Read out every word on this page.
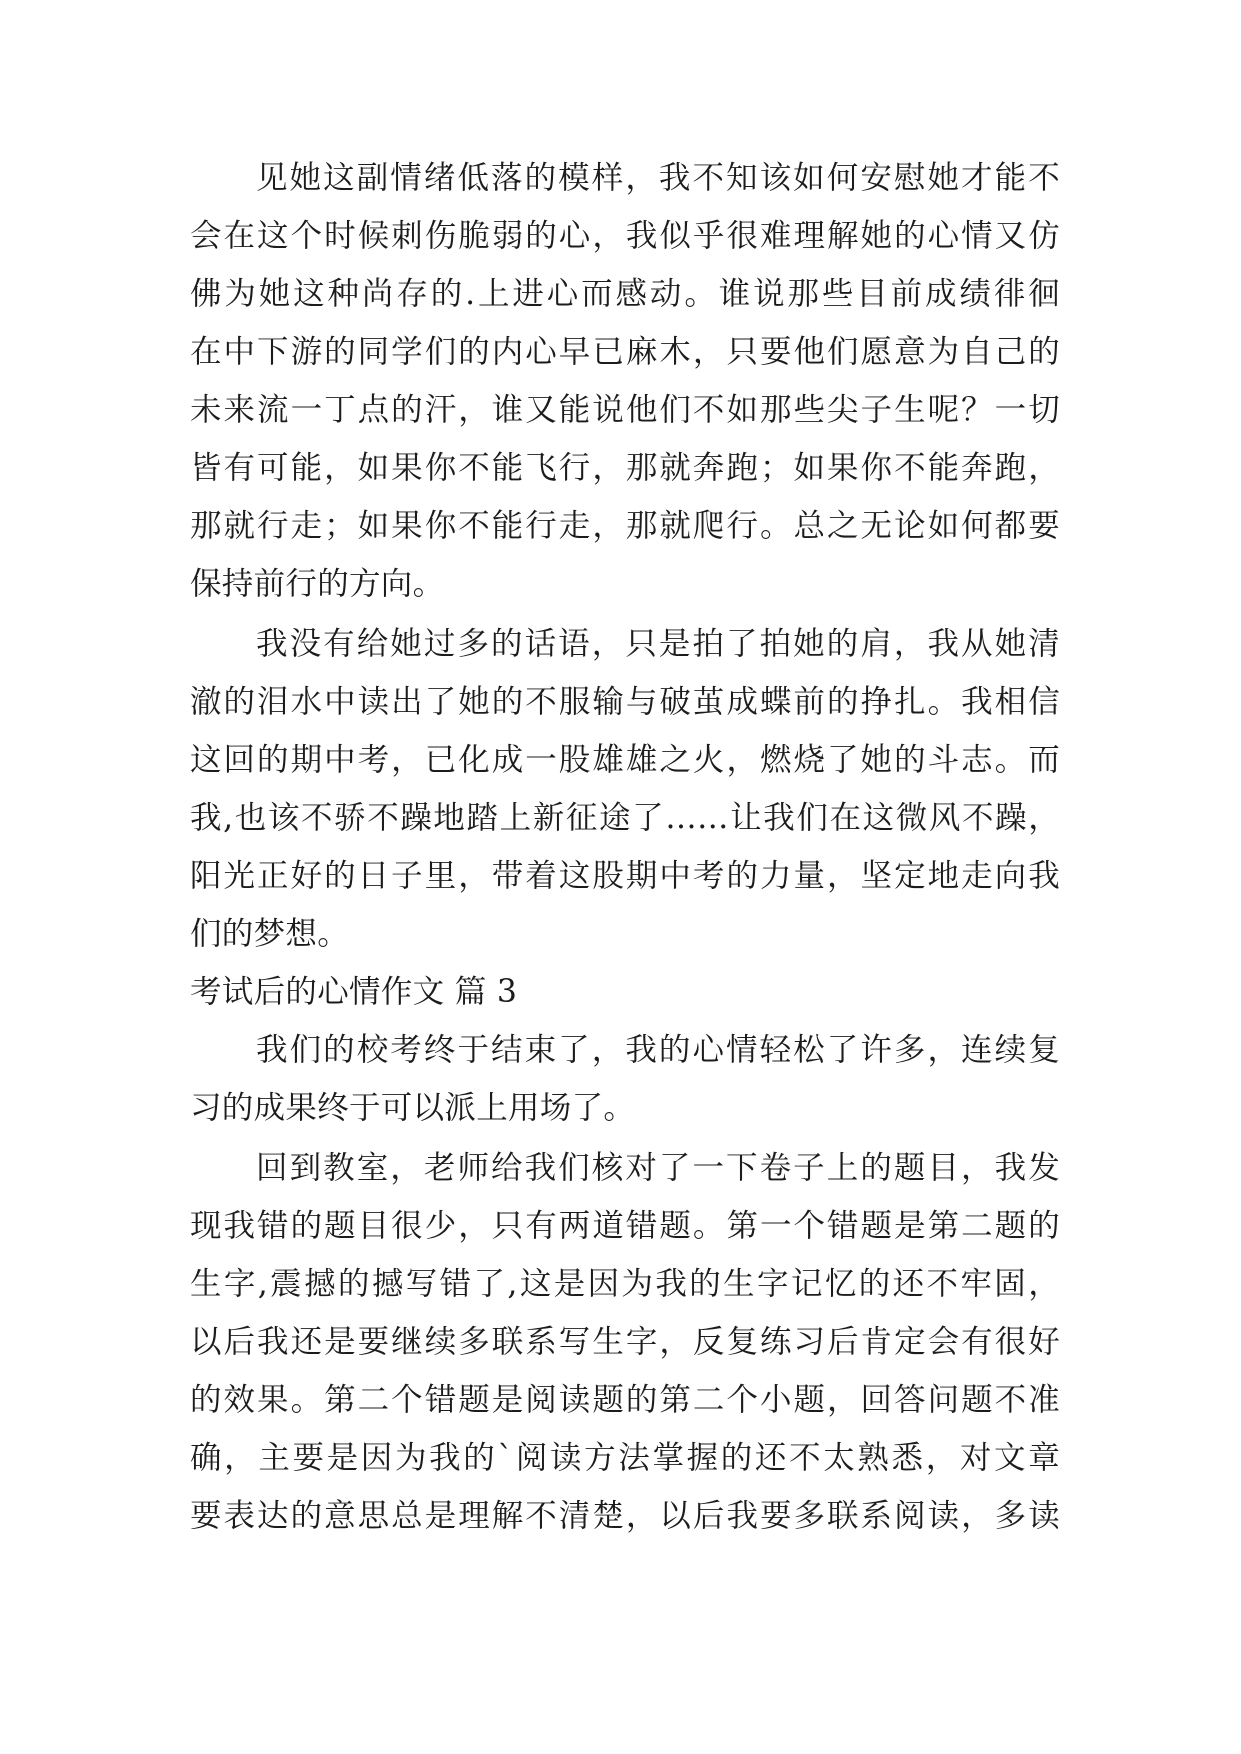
见她这副情绪低落的模样，我不知该如何安慰她才能不
会在这个时候刺伤脆弱的心，我似乎很难理解她的心情又仿
佛为她这种尚存的.上进心而感动。谁说那些目前成绩徘徊
在中下游的同学们的内心早已麻木，只要他们愿意为自己的
未来流一丁点的汗，谁又能说他们不如那些尖子生呢？一切
皆有可能，如果你不能飞行，那就奔跑；如果你不能奔跑，
那就行走；如果你不能行走，那就爬行。总之无论如何都要
保持前行的方向。
我没有给她过多的话语，只是拍了拍她的肩，我从她清
澈的泪水中读出了她的不服输与破茧成蝶前的挣扎。我相信
这回的期中考，已化成一股雄雄之火，燃烧了她的斗志。而
我,也该不骄不躁地踏上新征途了……让我们在这微风不躁，
阳光正好的日子里，带着这股期中考的力量，坚定地走向我
们的梦想。
考试后的心情作文 篇 3
我们的校考终于结束了，我的心情轻松了许多，连续复
习的成果终于可以派上用场了。
回到教室，老师给我们核对了一下卷子上的题目，我发
现我错的题目很少，只有两道错题。第一个错题是第二题的
生字,震撼的撼写错了,这是因为我的生字记忆的还不牢固，
以后我还是要继续多联系写生字，反复练习后肯定会有很好
的效果。第二个错题是阅读题的第二个小题，回答问题不准
确，主要是因为我的`阅读方法掌握的还不太熟悉，对文章
要表达的意思总是理解不清楚，以后我要多联系阅读，多读
